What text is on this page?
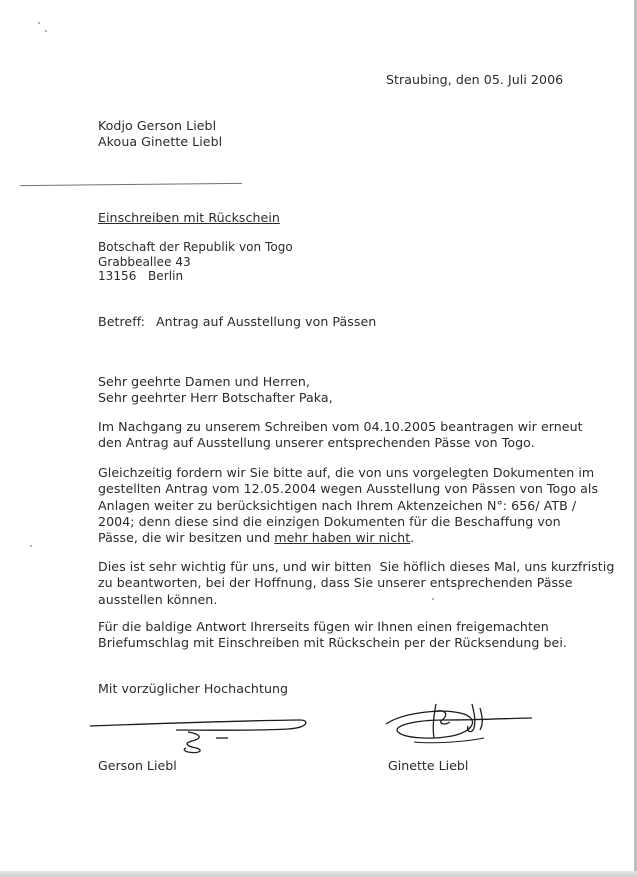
Straubing, den 05. Juli 2006
Kodjo Gerson Liebl
Akoua Ginette Liebl
Einschreiben mit Rückschein
Botschaft der Republik von Togo
Grabbeallee 43
13156   Berlin
Betreff: Antrag auf Ausstellung von Pässen
Sehr geehrte Damen und Herren,
Sehr geehrter Herr Botschafter Paka,
Im Nachgang zu unserem Schreiben vom 04.10.2005 beantragen wir erneut
den Antrag auf Ausstellung unserer entsprechenden Pässe von Togo.
Gleichzeitig fordern wir Sie bitte auf, die von uns vorgelegten Dokumenten im
gestellten Antrag vom 12.05.2004 wegen Ausstellung von Pässen von Togo als
Anlagen weiter zu berücksichtigen nach Ihrem Aktenzeichen N°: 656/ ATB /
2004; denn diese sind die einzigen Dokumenten für die Beschaffung von
Pässe, die wir besitzen und mehr haben wir nicht.
Dies ist sehr wichtig für uns, und wir bitten  Sie höflich dieses Mal, uns kurzfristig
zu beantworten, bei der Hoffnung, dass Sie unserer entsprechenden Pässe
ausstellen können.
Für die baldige Antwort Ihrerseits fügen wir Ihnen einen freigemachten
Briefumschlag mit Einschreiben mit Rückschein per der Rücksendung bei.
Mit vorzüglicher Hochachtung
Gerson Liebl	Ginette Liebl
